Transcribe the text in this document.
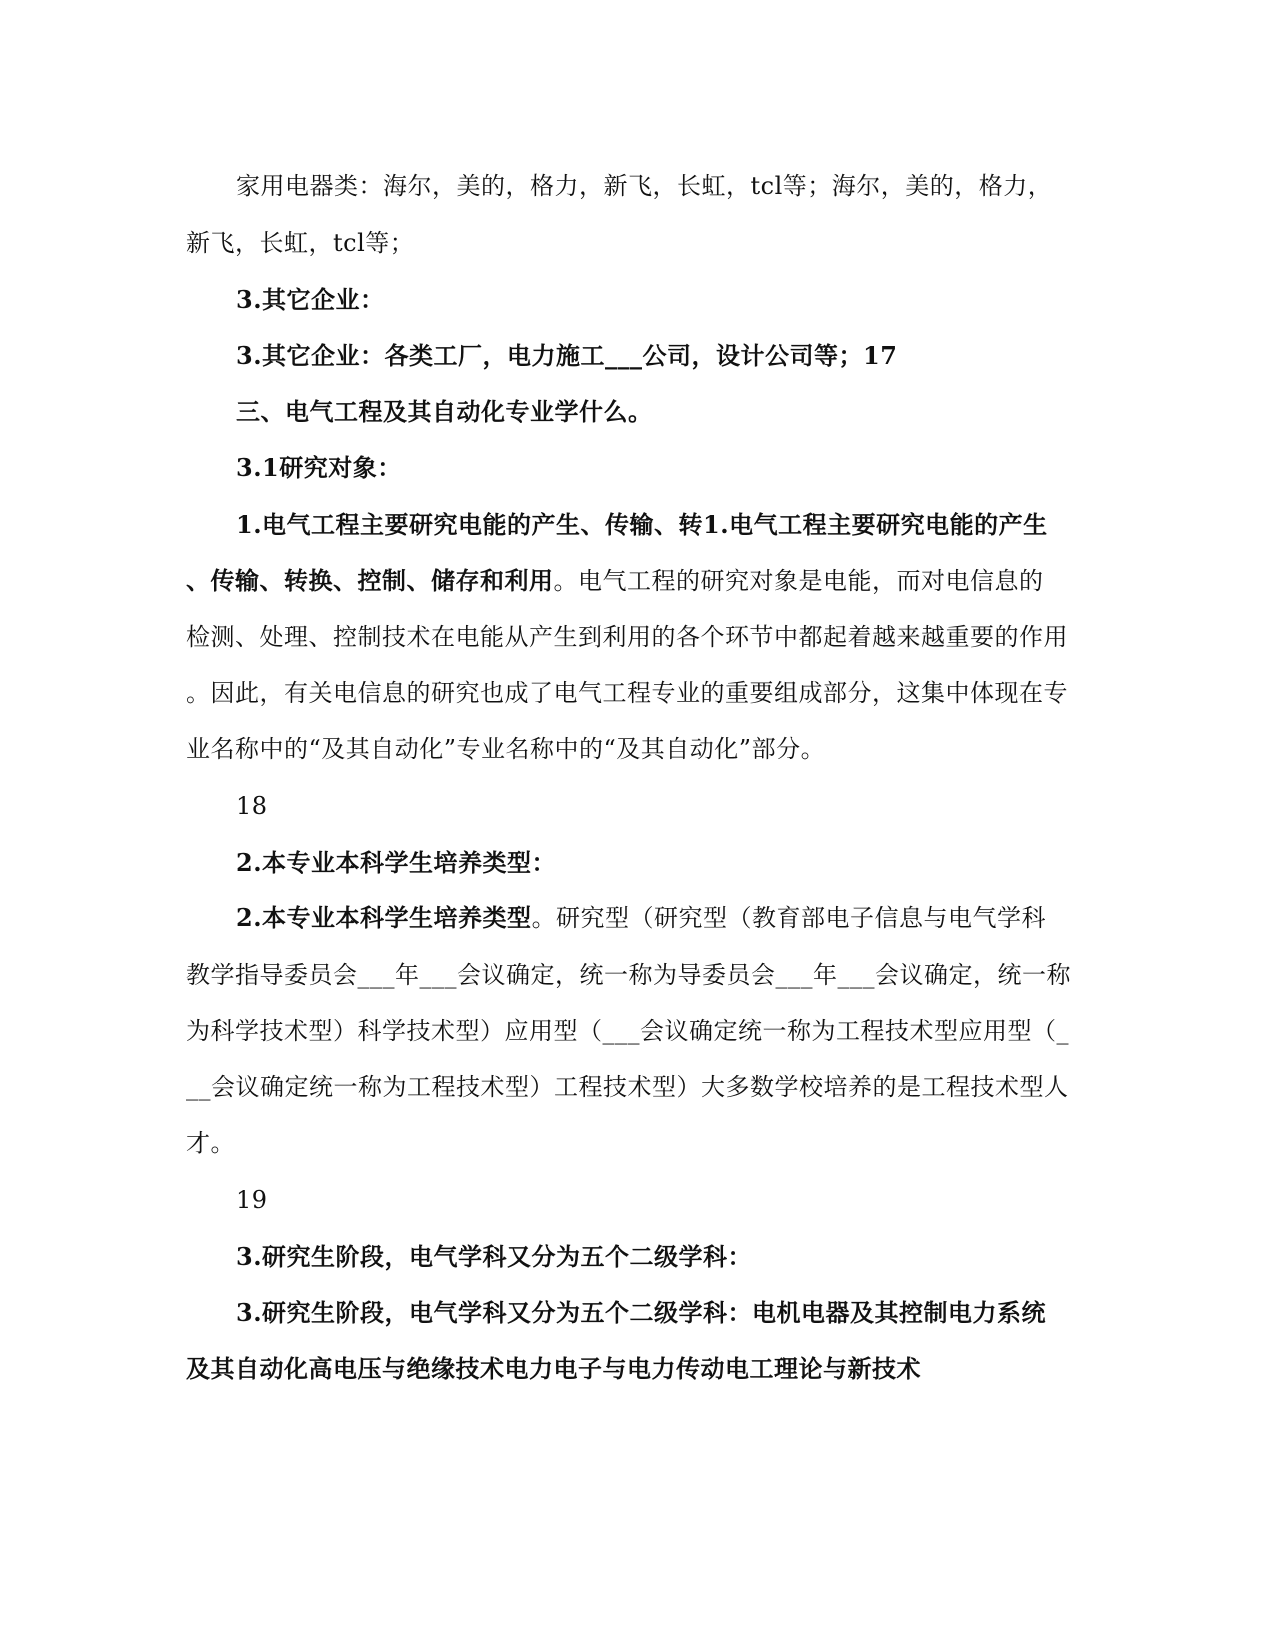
家用电器类：海尔，美的，格力，新飞，长虹，tcl等；海尔，美的，格力，
新飞，长虹，tcl等；
3.其它企业：
3.其它企业：各类工厂，电力施工___公司，设计公司等；17
三、电气工程及其自动化专业学什么。
3.1研究对象：
1.电气工程主要研究电能的产生、传输、转1.电气工程主要研究电能的产生
、传输、转换、控制、储存和利用。电气工程的研究对象是电能，而对电信息的
检测、处理、控制技术在电能从产生到利用的各个环节中都起着越来越重要的作用
。因此，有关电信息的研究也成了电气工程专业的重要组成部分，这集中体现在专
业名称中的“及其自动化”专业名称中的“及其自动化”部分。
18
2.本专业本科学生培养类型：
2.本专业本科学生培养类型。研究型（研究型（教育部电子信息与电气学科
教学指导委员会___年___会议确定，统一称为导委员会___年___会议确定，统一称
为科学技术型）科学技术型）应用型（___会议确定统一称为工程技术型应用型（_
__会议确定统一称为工程技术型）工程技术型）大多数学校培养的是工程技术型人
才。
19
3.研究生阶段，电气学科又分为五个二级学科：
3.研究生阶段，电气学科又分为五个二级学科：电机电器及其控制电力系统
及其自动化高电压与绝缘技术电力电子与电力传动电工理论与新技术
